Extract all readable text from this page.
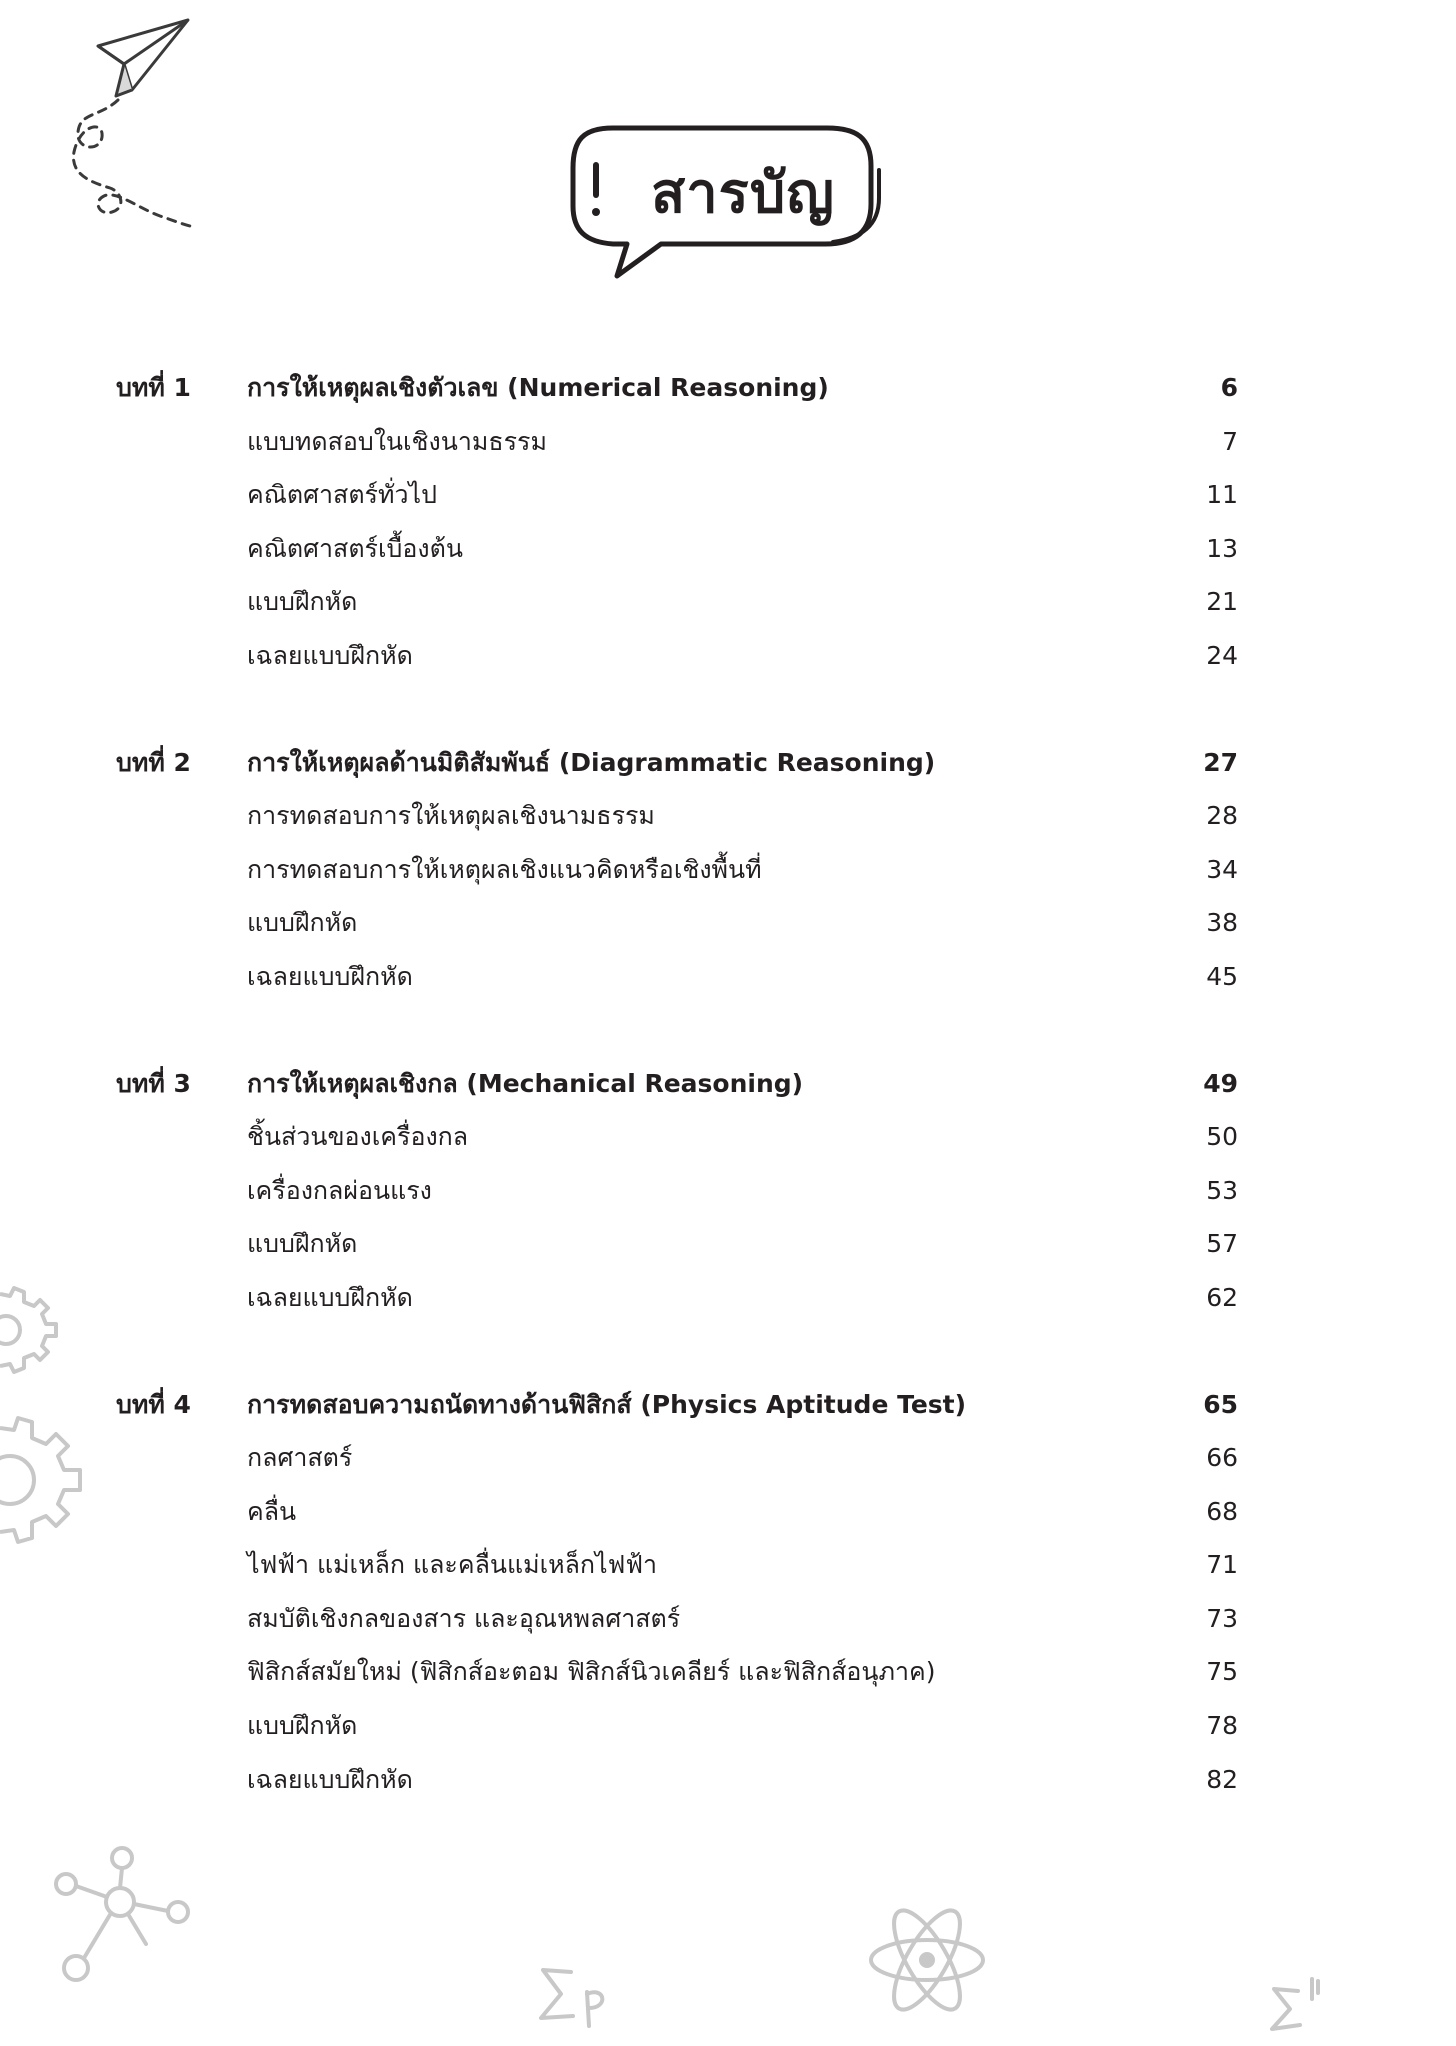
สารบัญ
บทที่ 1 การให้เหตุผลเชิงตัวเลข (Numerical Reasoning)	6
แบบทดสอบในเชิงนามธรรม	7
คณิตศาสตร์ทั่วไป	11
คณิตศาสตร์เบื้องต้น	13
แบบฝึกหัด	21
เฉลยแบบฝึกหัด	24
บทที่ 2 การให้เหตุผลด้านมิติสัมพันธ์ (Diagrammatic Reasoning)	27
การทดสอบการให้เหตุผลเชิงนามธรรม	28
การทดสอบการให้เหตุผลเชิงแนวคิดหรือเชิงพื้นที่	34
แบบฝึกหัด	38
เฉลยแบบฝึกหัด	45
บทที่ 3 การให้เหตุผลเชิงกล (Mechanical Reasoning)	49
ชิ้นส่วนของเครื่องกล	50
เครื่องกลผ่อนแรง	53
แบบฝึกหัด	57
เฉลยแบบฝึกหัด	62
บทที่ 4 การทดสอบความถนัดทางด้านฟิสิกส์ (Physics Aptitude Test)	65
กลศาสตร์	66
คลื่น	68
ไฟฟ้า แม่เหล็ก และคลื่นแม่เหล็กไฟฟ้า	71
สมบัติเชิงกลของสาร และอุณหพลศาสตร์	73
ฟิสิกส์สมัยใหม่ (ฟิสิกส์อะตอม ฟิสิกส์นิวเคลียร์ และฟิสิกส์อนุภาค)	75
แบบฝึกหัด	78
เฉลยแบบฝึกหัด	82
